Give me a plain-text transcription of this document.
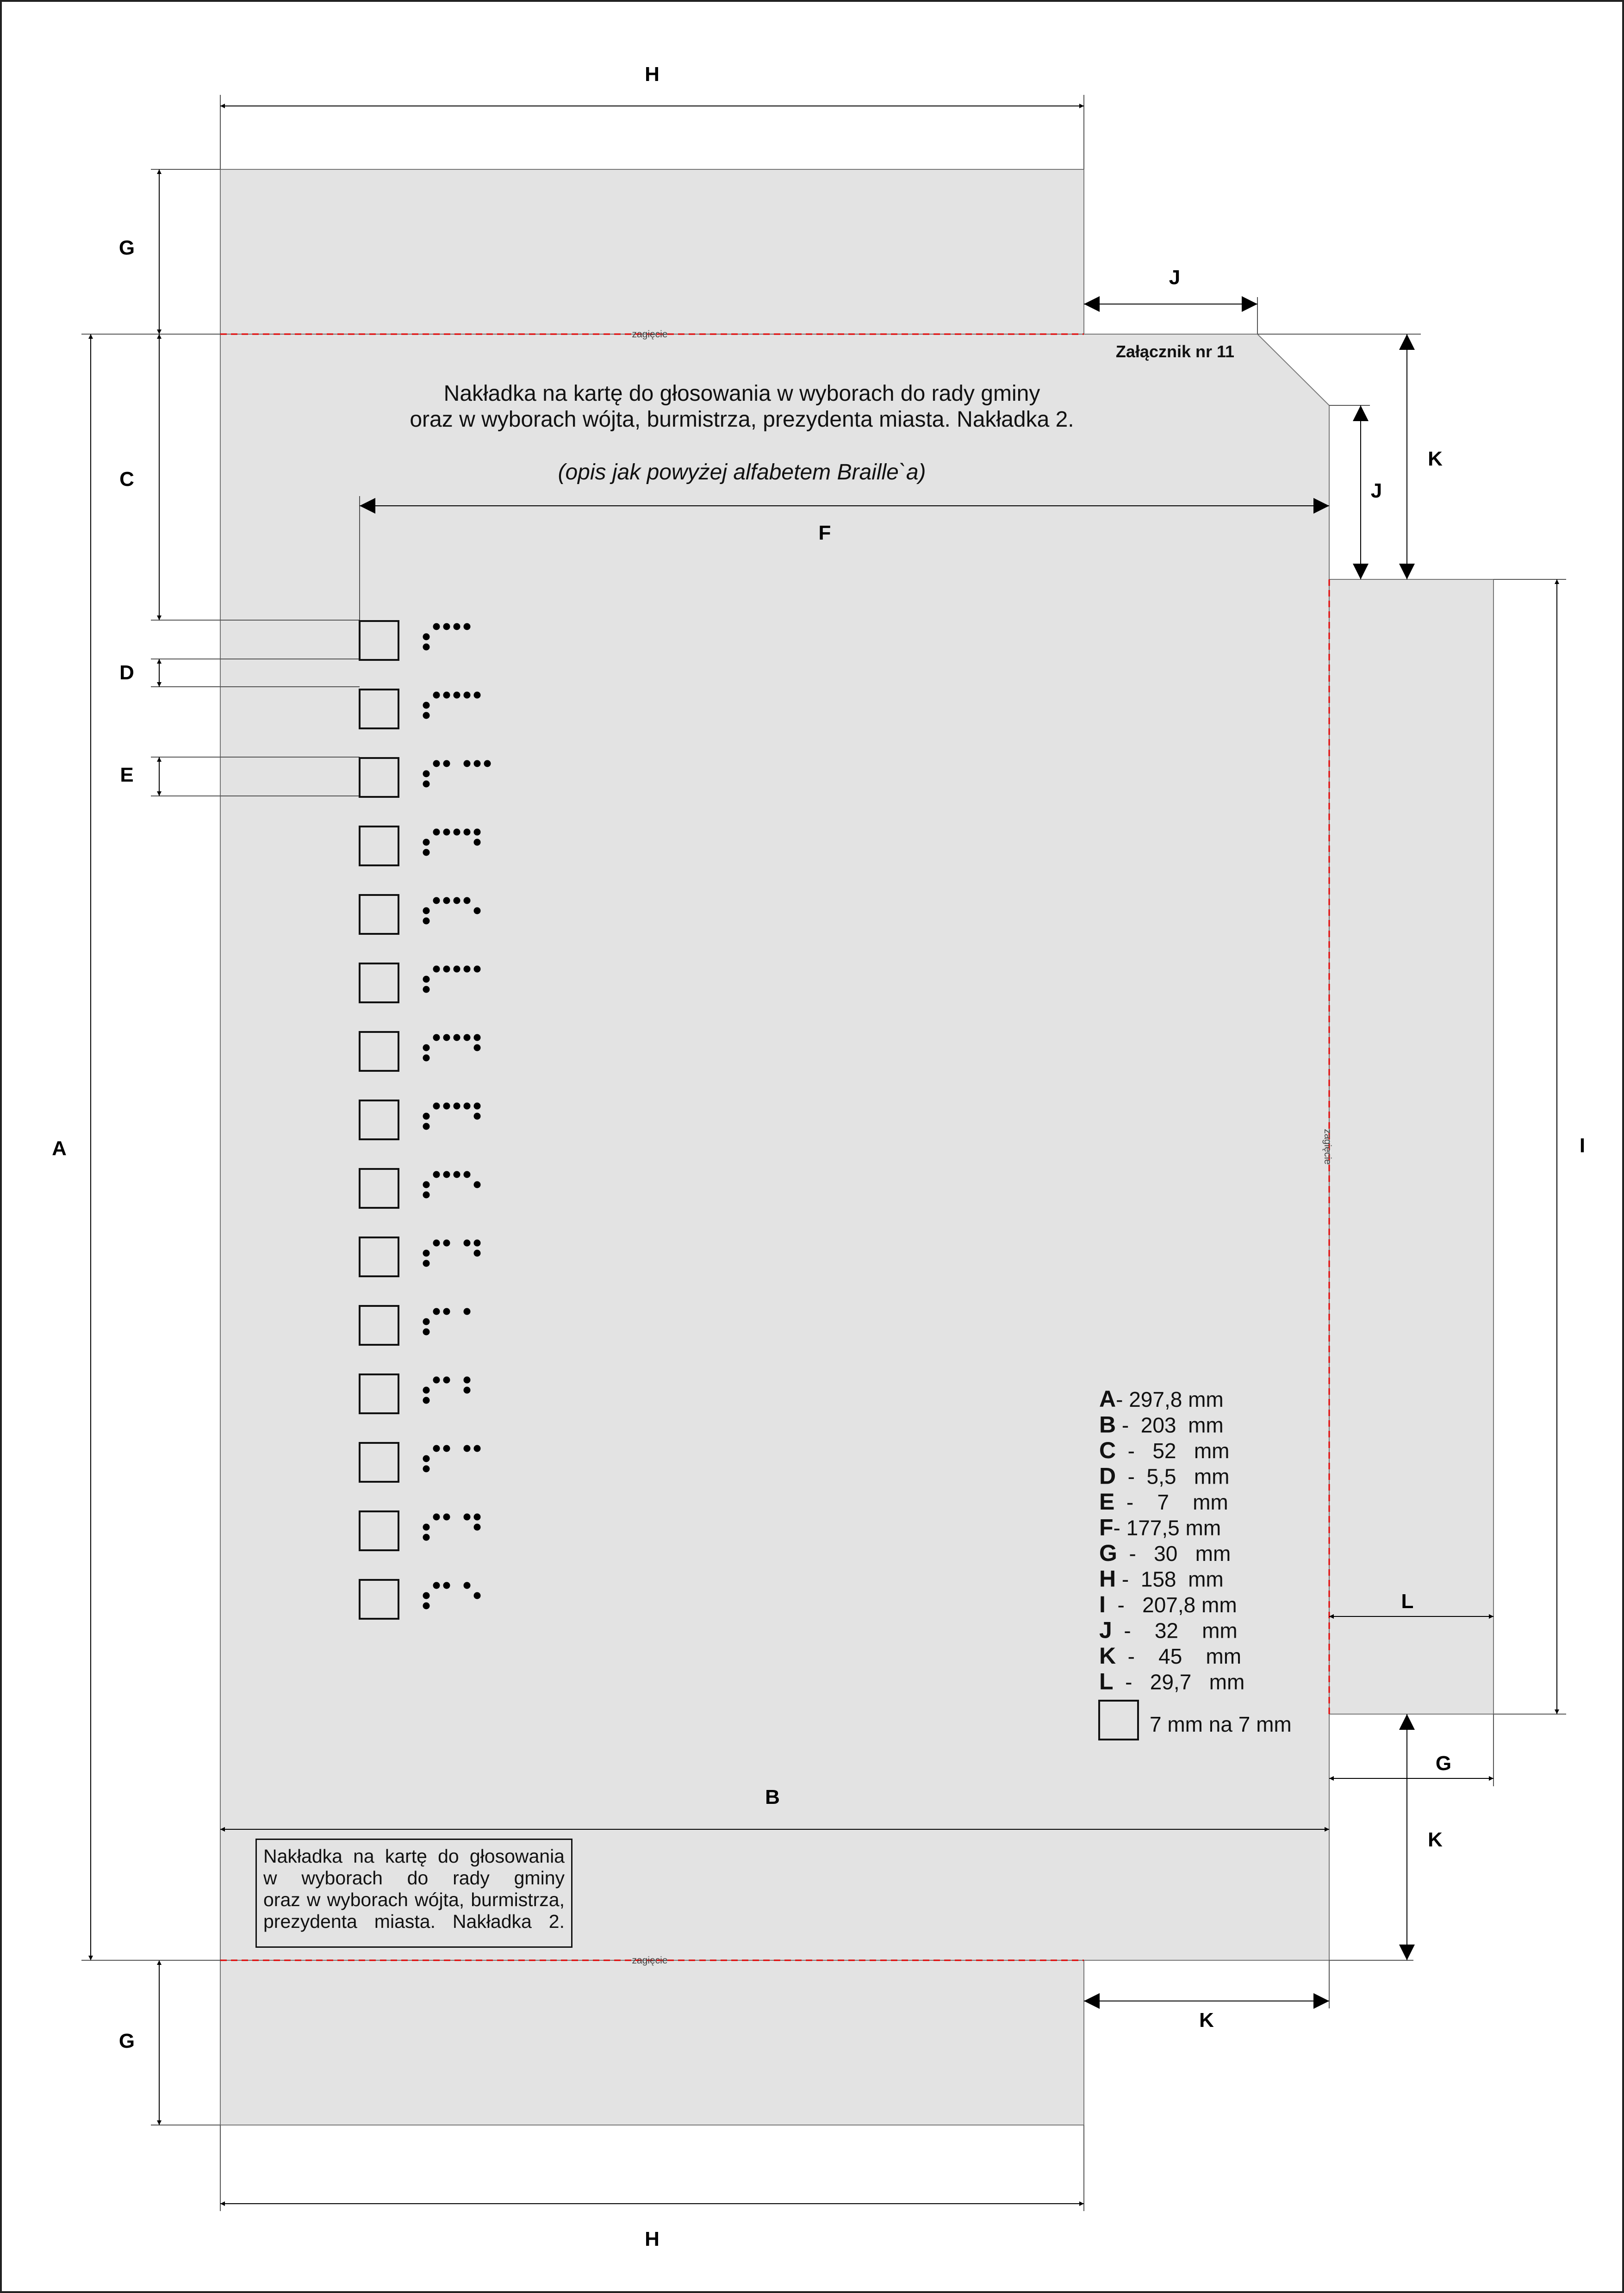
zagięcie
zagięcie
zagięcie
Nakładka na kartę do głosowania w wyborach do rady gminy
oraz w wyborach wójta, burmistrza, prezydenta miasta. Nakładka 2.
(opis jak powyżej alfabetem Braille`a)
Załącznik nr 11
H
H
G
G
A
C
D
E
F
J
J
K
I
L
G
K
K
B
A- 297,8 mm
B -  203  mm
C  -   52   mm
D  -  5,5   mm
E  -    7    mm
F- 177,5 mm
G  -   30   mm
H -  158  mm
I  -   207,8 mm
J  -    32    mm
K  -    45    mm
L  -   29,7   mm
7 mm na 7 mm
Nakładka na kartę do głosowania
w wyborach do rady gminy
oraz w wyborach wójta, burmistrza,
prezydenta miasta. Nakładka 2.
